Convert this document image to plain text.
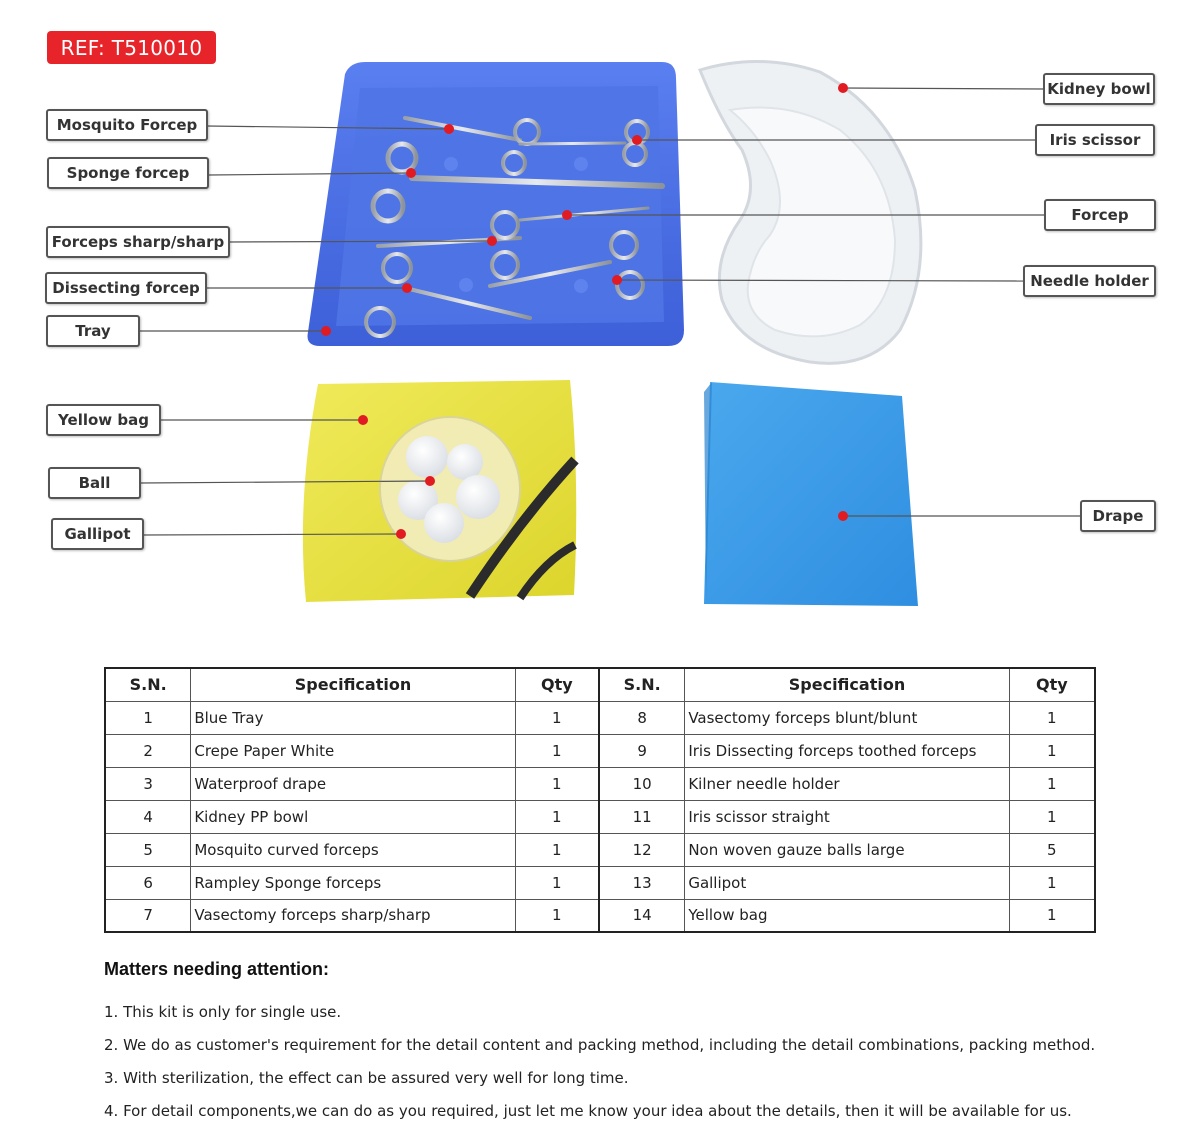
REF: T510010
Mosquito Forcep
Sponge forcep
Forceps sharp/sharp
Dissecting forcep
Tray
Kidney bowl
Iris scissor
Forcep
Needle holder
Yellow bag
Ball
Gallipot
Drape
S.N.	Specification	Qty	S.N.	Specification	Qty
1	Blue Tray	1	8	Vasectomy forceps blunt/blunt	1
2	Crepe Paper White	1	9	Iris Dissecting forceps toothed forceps	1
3	Waterproof drape	1	10	Kilner needle holder	1
4	Kidney PP bowl	1	11	Iris scissor straight	1
5	Mosquito curved forceps	1	12	Non woven gauze balls large	5
6	Rampley Sponge forceps	1	13	Gallipot	1
7	Vasectomy forceps sharp/sharp	1	14	Yellow bag	1
Matters needing attention:
1. This kit is only for single use.
2. We do as customer's requirement for the detail content and packing method, including the detail combinations, packing method.
3. With sterilization, the effect can be assured very well for long time.
4. For detail components,we can do as you required, just let me know your idea about the details, then it will be available for us.
